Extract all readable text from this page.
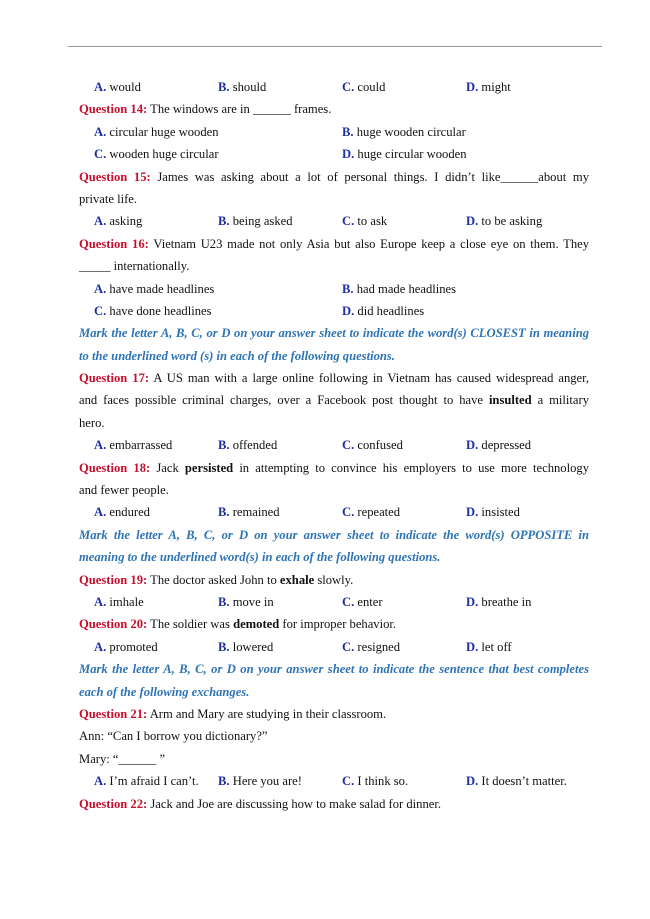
A. would	B. should	C. could	D. might
Question 14: The windows are in ______ frames.
A. circular huge wooden	B. huge wooden circular
C. wooden huge circular	D. huge circular wooden
Question 15: James was asking about a lot of personal things. I didn’t like______about my
private life.
A. asking	B. being asked	C. to ask	D. to be asking
Question 16: Vietnam U23 made not only Asia but also Europe keep a close eye on them. They
_____ internationally.
A. have made headlines	B. had made headlines
C. have done headlines	D. did headlines
Mark the letter A, B, C, or D on your answer sheet to indicate the word(s) CLOSEST in meaning
to the underlined word (s) in each of the following questions.
Question 17: A US man with a large online following in Vietnam has caused widespread anger,
and faces possible criminal charges, over a Facebook post thought to have insulted a military
hero.
A. embarrassed	B. offended	C. confused	D. depressed
Question 18: Jack persisted in attempting to convince his employers to use more technology
and fewer people.
A. endured	B. remained	C. repeated	D. insisted
Mark the letter A, B, C, or D on your answer sheet to indicate the word(s) OPPOSITE in
meaning to the underlined word(s) in each of the following questions.
Question 19: The doctor asked John to exhale slowly.
A. imhale	B. move in	C. enter	D. breathe in
Question 20: The soldier was demoted for improper behavior.
A. promoted	B. lowered	C. resigned	D. let off
Mark the letter A, B, C, or D on your answer sheet to indicate the sentence that best completes
each of the following exchanges.
Question 21: Arm and Mary are studying in their classroom.
Ann: “Can I borrow you dictionary?”
Mary: “______ ”
A. I’m afraid I can’t. B. Here you are!	C. I think so.	D. It doesn’t matter.
Question 22: Jack and Joe are discussing how to make salad for dinner.
